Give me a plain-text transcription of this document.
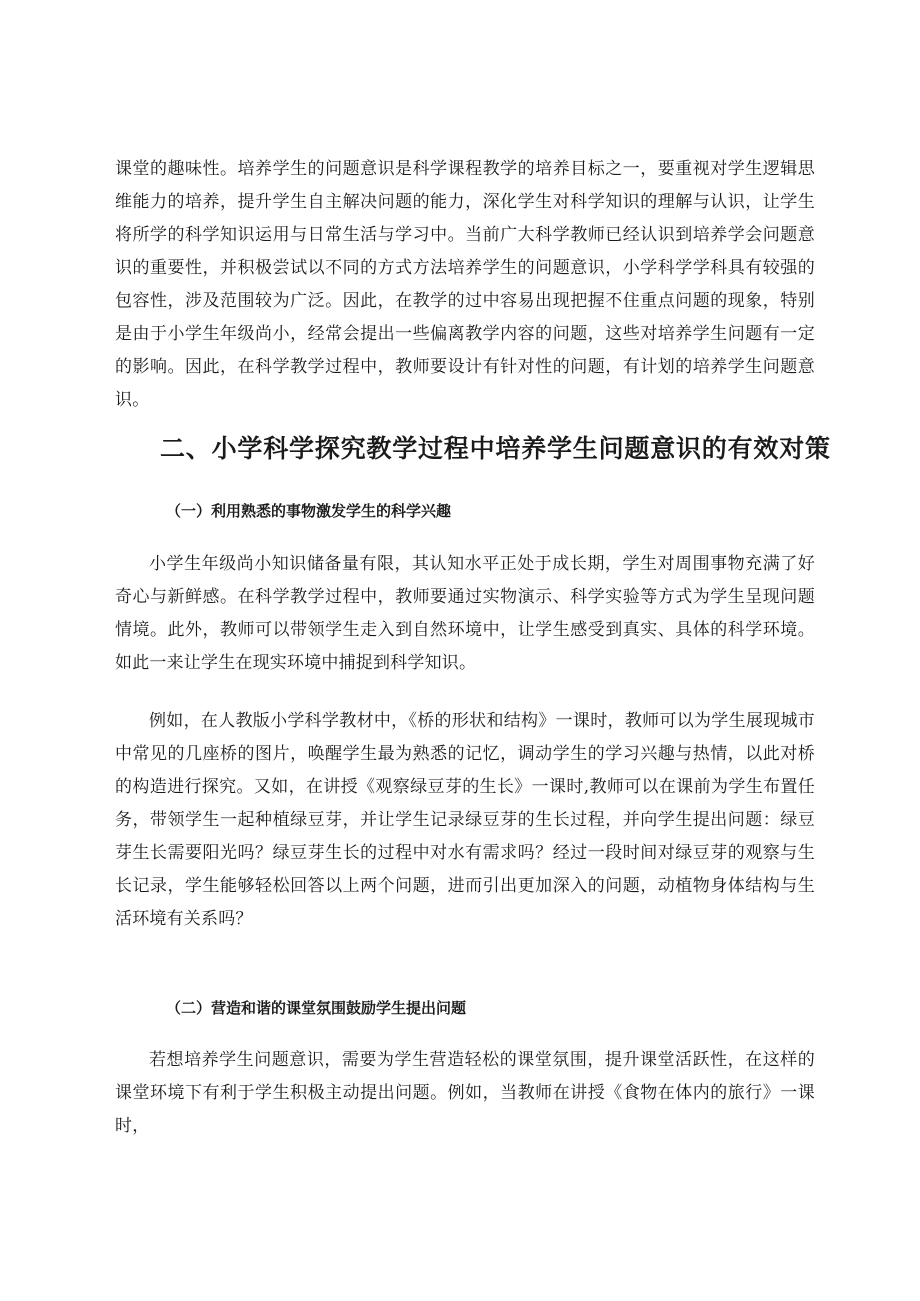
课堂的趣味性。培养学生的问题意识是科学课程教学的培养目标之一，要重视对学生逻辑思维能力的培养，提升学生自主解决问题的能力，深化学生对科学知识的理解与认识，让学生将所学的科学知识运用与日常生活与学习中。当前广大科学教师已经认识到培养学会问题意识的重要性，并积极尝试以不同的方式方法培养学生的问题意识，小学科学学科具有较强的包容性，涉及范围较为广泛。因此，在教学的过中容易出现把握不住重点问题的现象，特别是由于小学生年级尚小，经常会提出一些偏离教学内容的问题，这些对培养学生问题有一定的影响。因此，在科学教学过程中，教师要设计有针对性的问题，有计划的培养学生问题意识。

二、小学科学探究教学过程中培养学生问题意识的有效对策
（一）利用熟悉的事物激发学生的科学兴趣

小学生年级尚小知识储备量有限，其认知水平正处于成长期，学生对周围事物充满了好奇心与新鲜感。在科学教学过程中，教师要通过实物演示、科学实验等方式为学生呈现问题情境。此外，教师可以带领学生走入到自然环境中，让学生感受到真实、具体的科学环境。如此一来让学生在现实环境中捕捉到科学知识。

例如，在人教版小学科学教材中，《桥的形状和结构》一课时，教师可以为学生展现城市中常见的几座桥的图片，唤醒学生最为熟悉的记忆，调动学生的学习兴趣与热情，以此对桥的构造进行探究。又如，在讲授《观察绿豆芽的生长》一课时,教师可以在课前为学生布置任务，带领学生一起种植绿豆芽，并让学生记录绿豆芽的生长过程，并向学生提出问题：绿豆芽生长需要阳光吗？绿豆芽生长的过程中对水有需求吗？经过一段时间对绿豆芽的观察与生长记录，学生能够轻松回答以上两个问题，进而引出更加深入的问题，动植物身体结构与生活环境有关系吗？

（二）营造和谐的课堂氛围鼓励学生提出问题

若想培养学生问题意识，需要为学生营造轻松的课堂氛围，提升课堂活跃性，在这样的课堂环境下有利于学生积极主动提出问题。例如，当教师在讲授《食物在体内的旅行》一课时，
